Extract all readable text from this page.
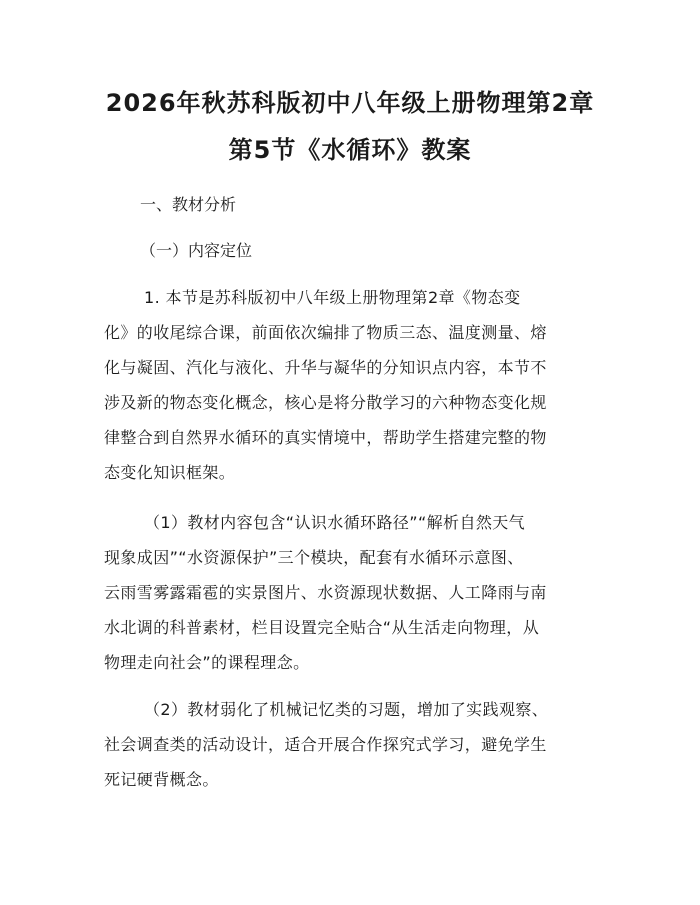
2026年秋苏科版初中八年级上册物理第2章
第5节《水循环》教案
一、教材分析
（一）内容定位
1. 本节是苏科版初中八年级上册物理第2章《物态变
化》的收尾综合课，前面依次编排了物质三态、温度测量、熔
化与凝固、汽化与液化、升华与凝华的分知识点内容，本节不
涉及新的物态变化概念，核心是将分散学习的六种物态变化规
律整合到自然界水循环的真实情境中，帮助学生搭建完整的物
态变化知识框架。
（1）教材内容包含“认识水循环路径”“解析自然天气
现象成因”“水资源保护”三个模块，配套有水循环示意图、
云雨雪雾露霜雹的实景图片、水资源现状数据、人工降雨与南
水北调的科普素材，栏目设置完全贴合“从生活走向物理，从
物理走向社会”的课程理念。
（2）教材弱化了机械记忆类的习题，增加了实践观察、
社会调查类的活动设计，适合开展合作探究式学习，避免学生
死记硬背概念。
